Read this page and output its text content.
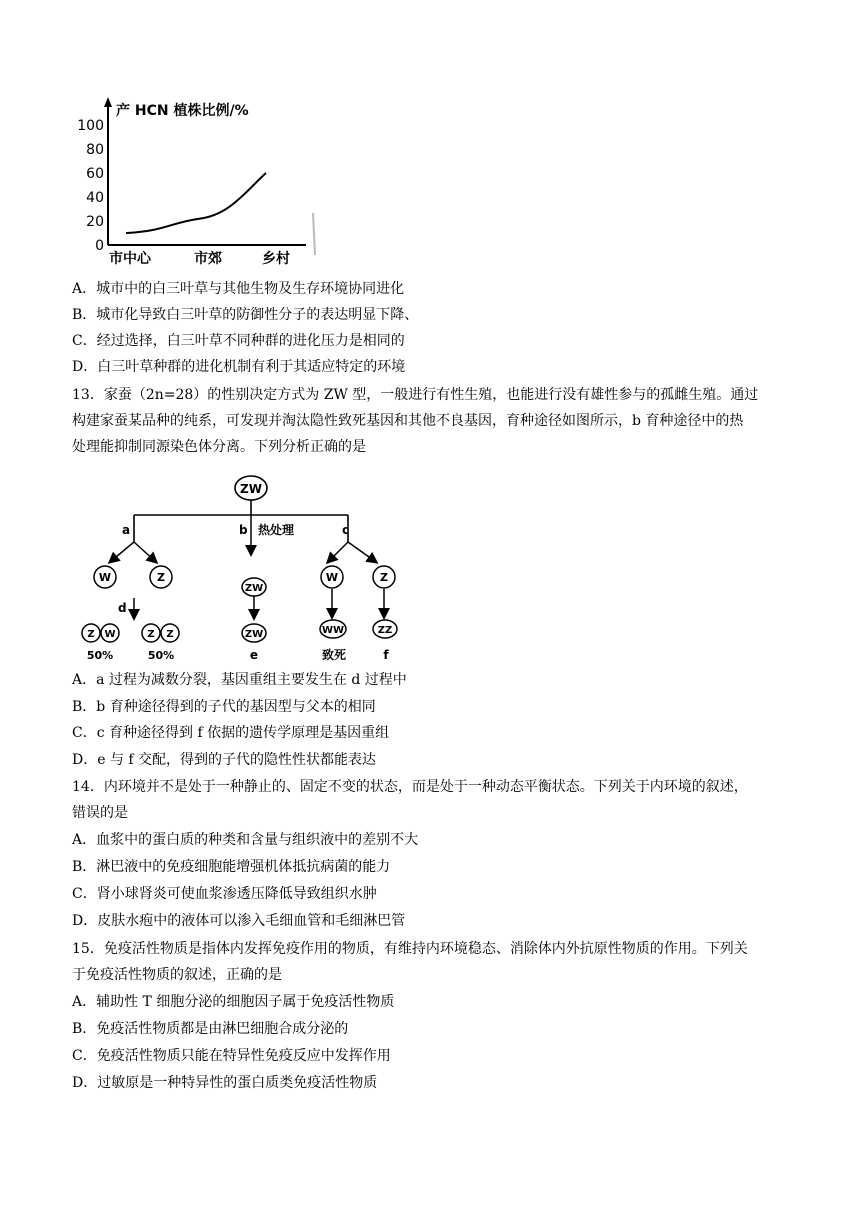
产 HCN 植株比例/%
100
80
60
40
20
0
市中心	市郊	乡村
A．城市中的白三叶草与其他生物及生存环境协同进化
B．城市化导致白三叶草的防御性分子的表达明显下降、
C．经过选择，白三叶草不同种群的进化压力是相同的
D．白三叶草种群的进化机制有利于其适应特定的环境
13．家蚕（2n=28）的性别决定方式为 ZW 型，一般进行有性生殖，也能进行没有雄性参与的孤雌生殖。通过
构建家蚕某品种的纯系，可发现并淘汰隐性致死基因和其他不良基因，育种途径如图所示，b 育种途径中的热
处理能抑制同源染色体分离。下列分析正确的是
ZW
a
W	Z
d
Z W	Z Z
50%	50%
b 热处理
ZW
ZW
e
c
W	Z
WW	ZZ
致死	f
A．a 过程为减数分裂，基因重组主要发生在 d 过程中
B．b 育种途径得到的子代的基因型与父本的相同
C．c 育种途径得到 f 依据的遗传学原理是基因重组
D．e 与 f 交配，得到的子代的隐性性状都能表达
14．内环境并不是处于一种静止的、固定不变的状态，而是处于一种动态平衡状态。下列关于内环境的叙述，
错误的是
A．血浆中的蛋白质的种类和含量与组织液中的差别不大
B．淋巴液中的免疫细胞能增强机体抵抗病菌的能力
C．肾小球肾炎可使血浆渗透压降低导致组织水肿
D．皮肤水疱中的液体可以渗入毛细血管和毛细淋巴管
15．免疫活性物质是指体内发挥免疫作用的物质，有维持内环境稳态、消除体内外抗原性物质的作用。下列关
于免疫活性物质的叙述，正确的是
A．辅助性 T 细胞分泌的细胞因子属于免疫活性物质
B．免疫活性物质都是由淋巴细胞合成分泌的
C．免疫活性物质只能在特异性免疫反应中发挥作用
D．过敏原是一种特异性的蛋白质类免疫活性物质
